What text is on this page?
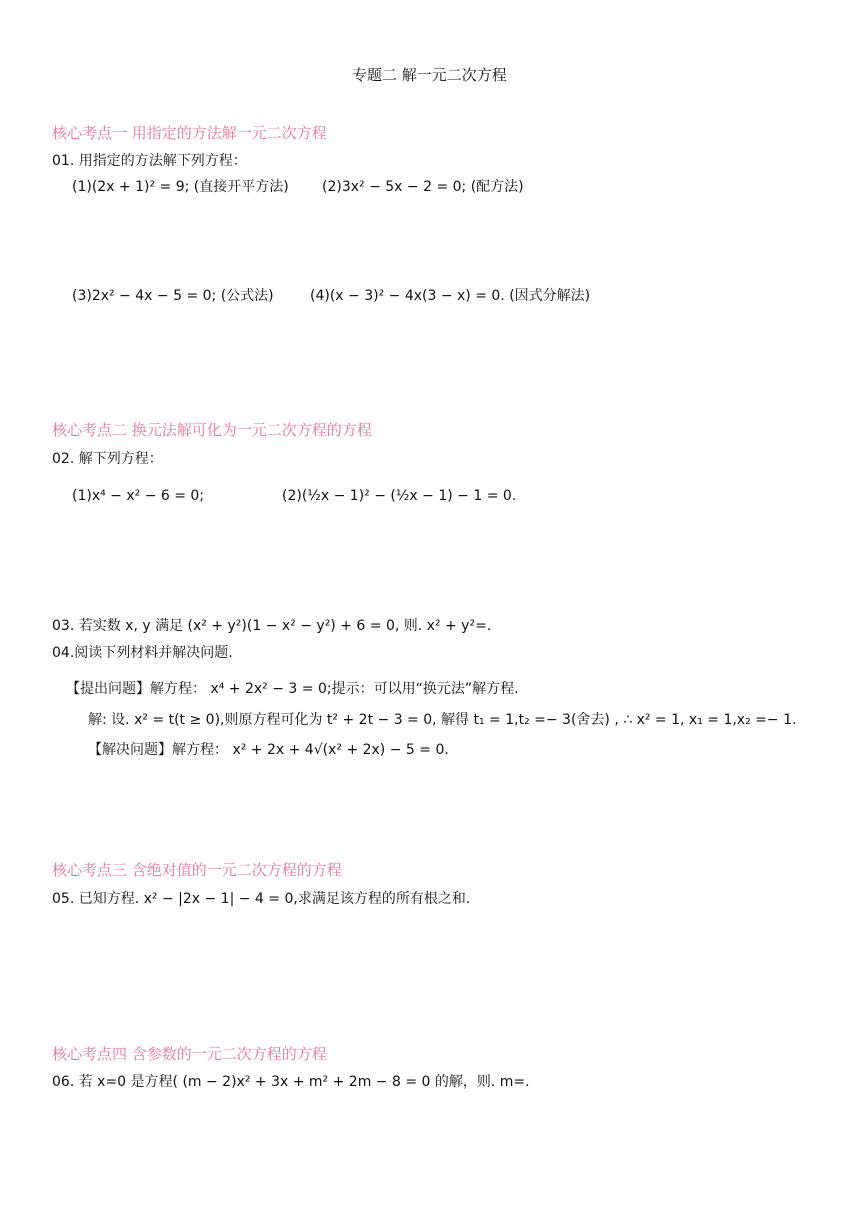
专题二 解一元二次方程
核心考点一 用指定的方法解一元二次方程
01. 用指定的方法解下列方程：
(1)(2x + 1)² = 9; (直接开平方法) (2)3x² − 5x − 2 = 0; (配方法)
(3)2x² − 4x − 5 = 0; (公式法)	(4)(x − 3)² − 4x(3 − x) = 0. (因式分解法)
核心考点二 换元法解可化为一元二次方程的方程
02. 解下列方程：
(1)x⁴ − x² − 6 = 0;	(2)(½x − 1)² − (½x − 1) − 1 = 0.
03. 若实数 x, y 满足 (x² + y²)(1 − x² − y²) + 6 = 0, 则. x² + y²=.
04.阅读下列材料并解决问题.
【提出问题】解方程： x⁴ + 2x² − 3 = 0;提示：可以用“换元法”解方程.
解: 设. x² = t(t ≥ 0),则原方程可化为 t² + 2t − 3 = 0, 解得 t₁ = 1,t₂ =− 3(舍去) , ∴ x² = 1, x₁ = 1,x₂ =− 1.
【解决问题】解方程： x² + 2x + 4√(x² + 2x) − 5 = 0.
核心考点三 含绝对值的一元二次方程的方程
05. 已知方程. x² − |2x − 1| − 4 = 0,求满足该方程的所有根之和.
核心考点四 含参数的一元二次方程的方程
06. 若 x=0 是方程( (m − 2)x² + 3x + m² + 2m − 8 = 0 的解，则. m=.
